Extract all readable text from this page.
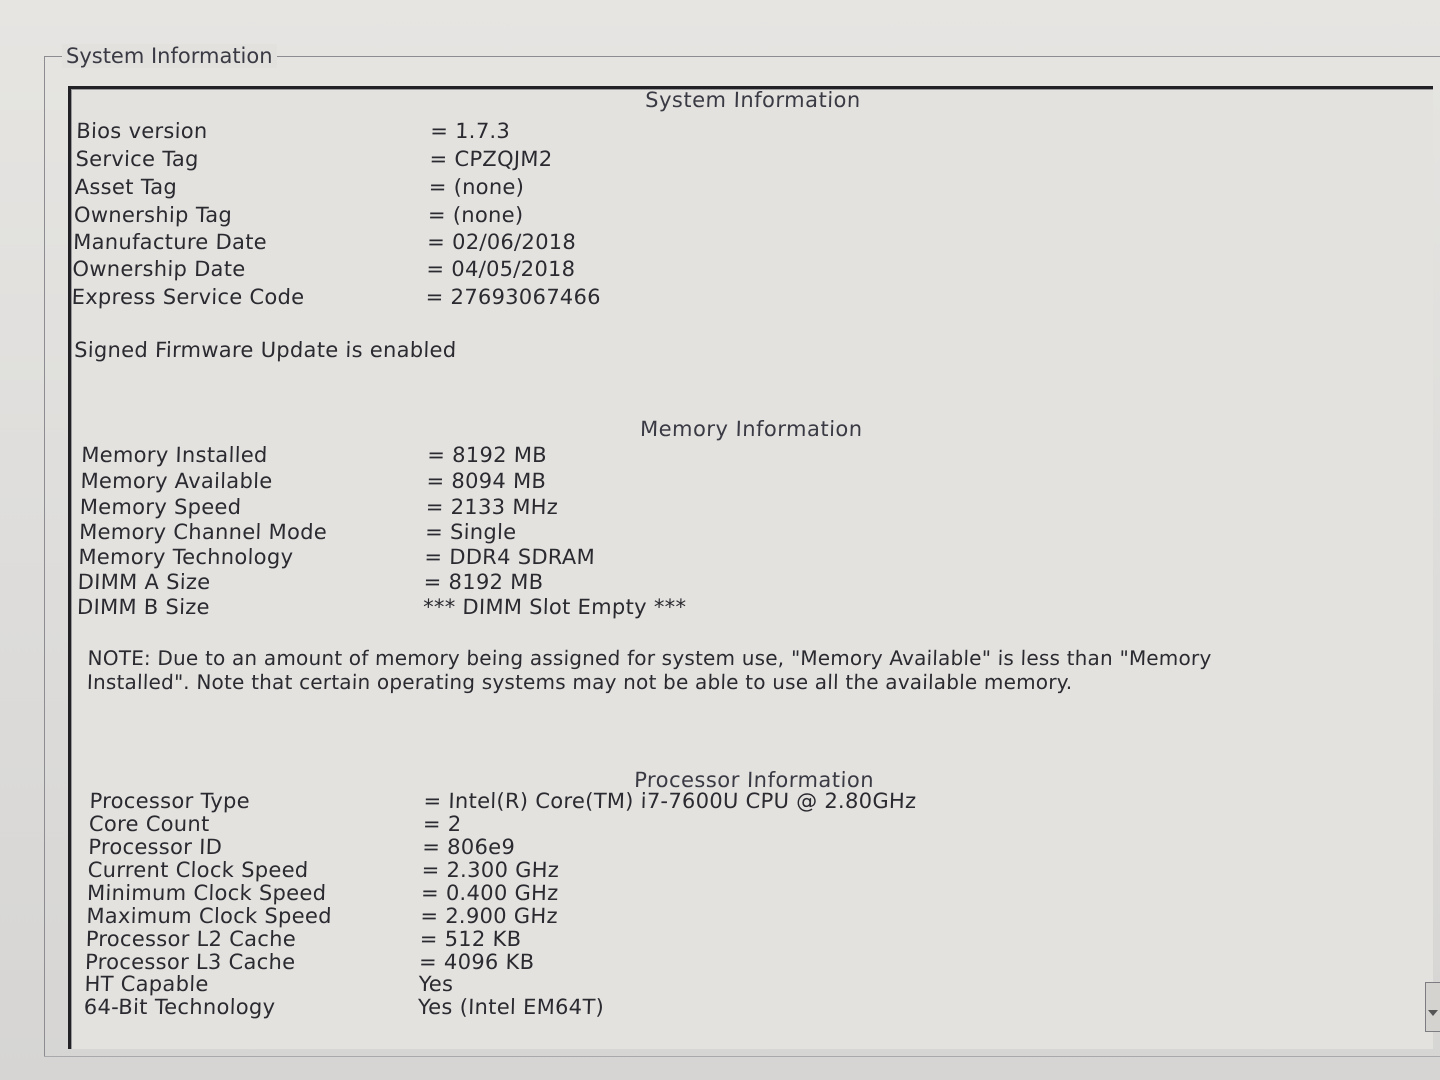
System Information
System Information
Bios version	= 1.7.3
Service Tag	= CPZQJM2
Asset Tag	= (none)
Ownership Tag	= (none)
Manufacture Date	= 02/06/2018
Ownership Date	= 04/05/2018
Express Service Code	= 27693067466
Signed Firmware Update is enabled
Memory Information
Memory Installed	= 8192 MB
Memory Available	= 8094 MB
Memory Speed	= 2133 MHz
Memory Channel Mode	= Single
Memory Technology	= DDR4 SDRAM
DIMM A Size	= 8192 MB
DIMM B Size	*** DIMM Slot Empty ***
NOTE: Due to an amount of memory being assigned for system use, "Memory Available" is less than "Memory Installed". Note that certain operating systems may not be able to use all the available memory.
Processor Information
Processor Type	= Intel(R) Core(TM) i7-7600U CPU @ 2.80GHz
Core Count	= 2
Processor ID	= 806e9
Current Clock Speed	= 2.300 GHz
Minimum Clock Speed	= 0.400 GHz
Maximum Clock Speed	= 2.900 GHz
Processor L2 Cache	= 512 KB
Processor L3 Cache	= 4096 KB
HT Capable	Yes
64-Bit Technology	Yes (Intel EM64T)
